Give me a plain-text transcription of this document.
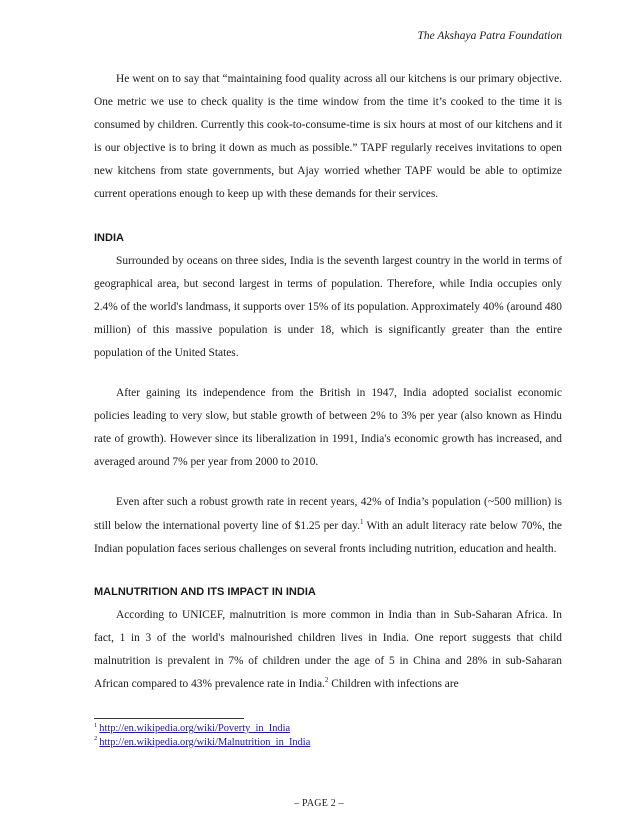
The Akshaya Patra Foundation

He went on to say that “maintaining food quality across all our kitchens is our primary objective. One metric we use to check quality is the time window from the time it’s cooked to the time it is consumed by children. Currently this cook-to-consume-time is six hours at most of our kitchens and it is our objective is to bring it down as much as possible.” TAPF regularly receives invitations to open new kitchens from state governments, but Ajay worried whether TAPF would be able to optimize current operations enough to keep up with these demands for their services.

INDIA

Surrounded by oceans on three sides, India is the seventh largest country in the world in terms of geographical area, but second largest in terms of population. Therefore, while India occupies only 2.4% of the world's landmass, it supports over 15% of its population. Approximately 40% (around 480 million) of this massive population is under 18, which is significantly greater than the entire population of the United States.

After gaining its independence from the British in 1947, India adopted socialist economic policies leading to very slow, but stable growth of between 2% to 3% per year (also known as Hindu rate of growth). However since its liberalization in 1991, India's economic growth has increased, and averaged around 7% per year from 2000 to 2010.

Even after such a robust growth rate in recent years, 42% of India’s population (~500 million) is still below the international poverty line of $1.25 per day.$^1$ With an adult literacy rate below 70%, the Indian population faces serious challenges on several fronts including nutrition, education and health.

MALNUTRITION AND ITS IMPACT IN INDIA

According to UNICEF, malnutrition is more common in India than in Sub-Saharan Africa. In fact, 1 in 3 of the world's malnourished children lives in India. One report suggests that child malnutrition is prevalent in 7% of children under the age of 5 in China and 28% in sub-Saharan African compared to 43% prevalence rate in India.$^2$ Children with infections are

$^1$ http://en.wikipedia.org/wiki/Poverty_in_India
$^2$ http://en.wikipedia.org/wiki/Malnutrition_in_India
– PAGE 2 –
